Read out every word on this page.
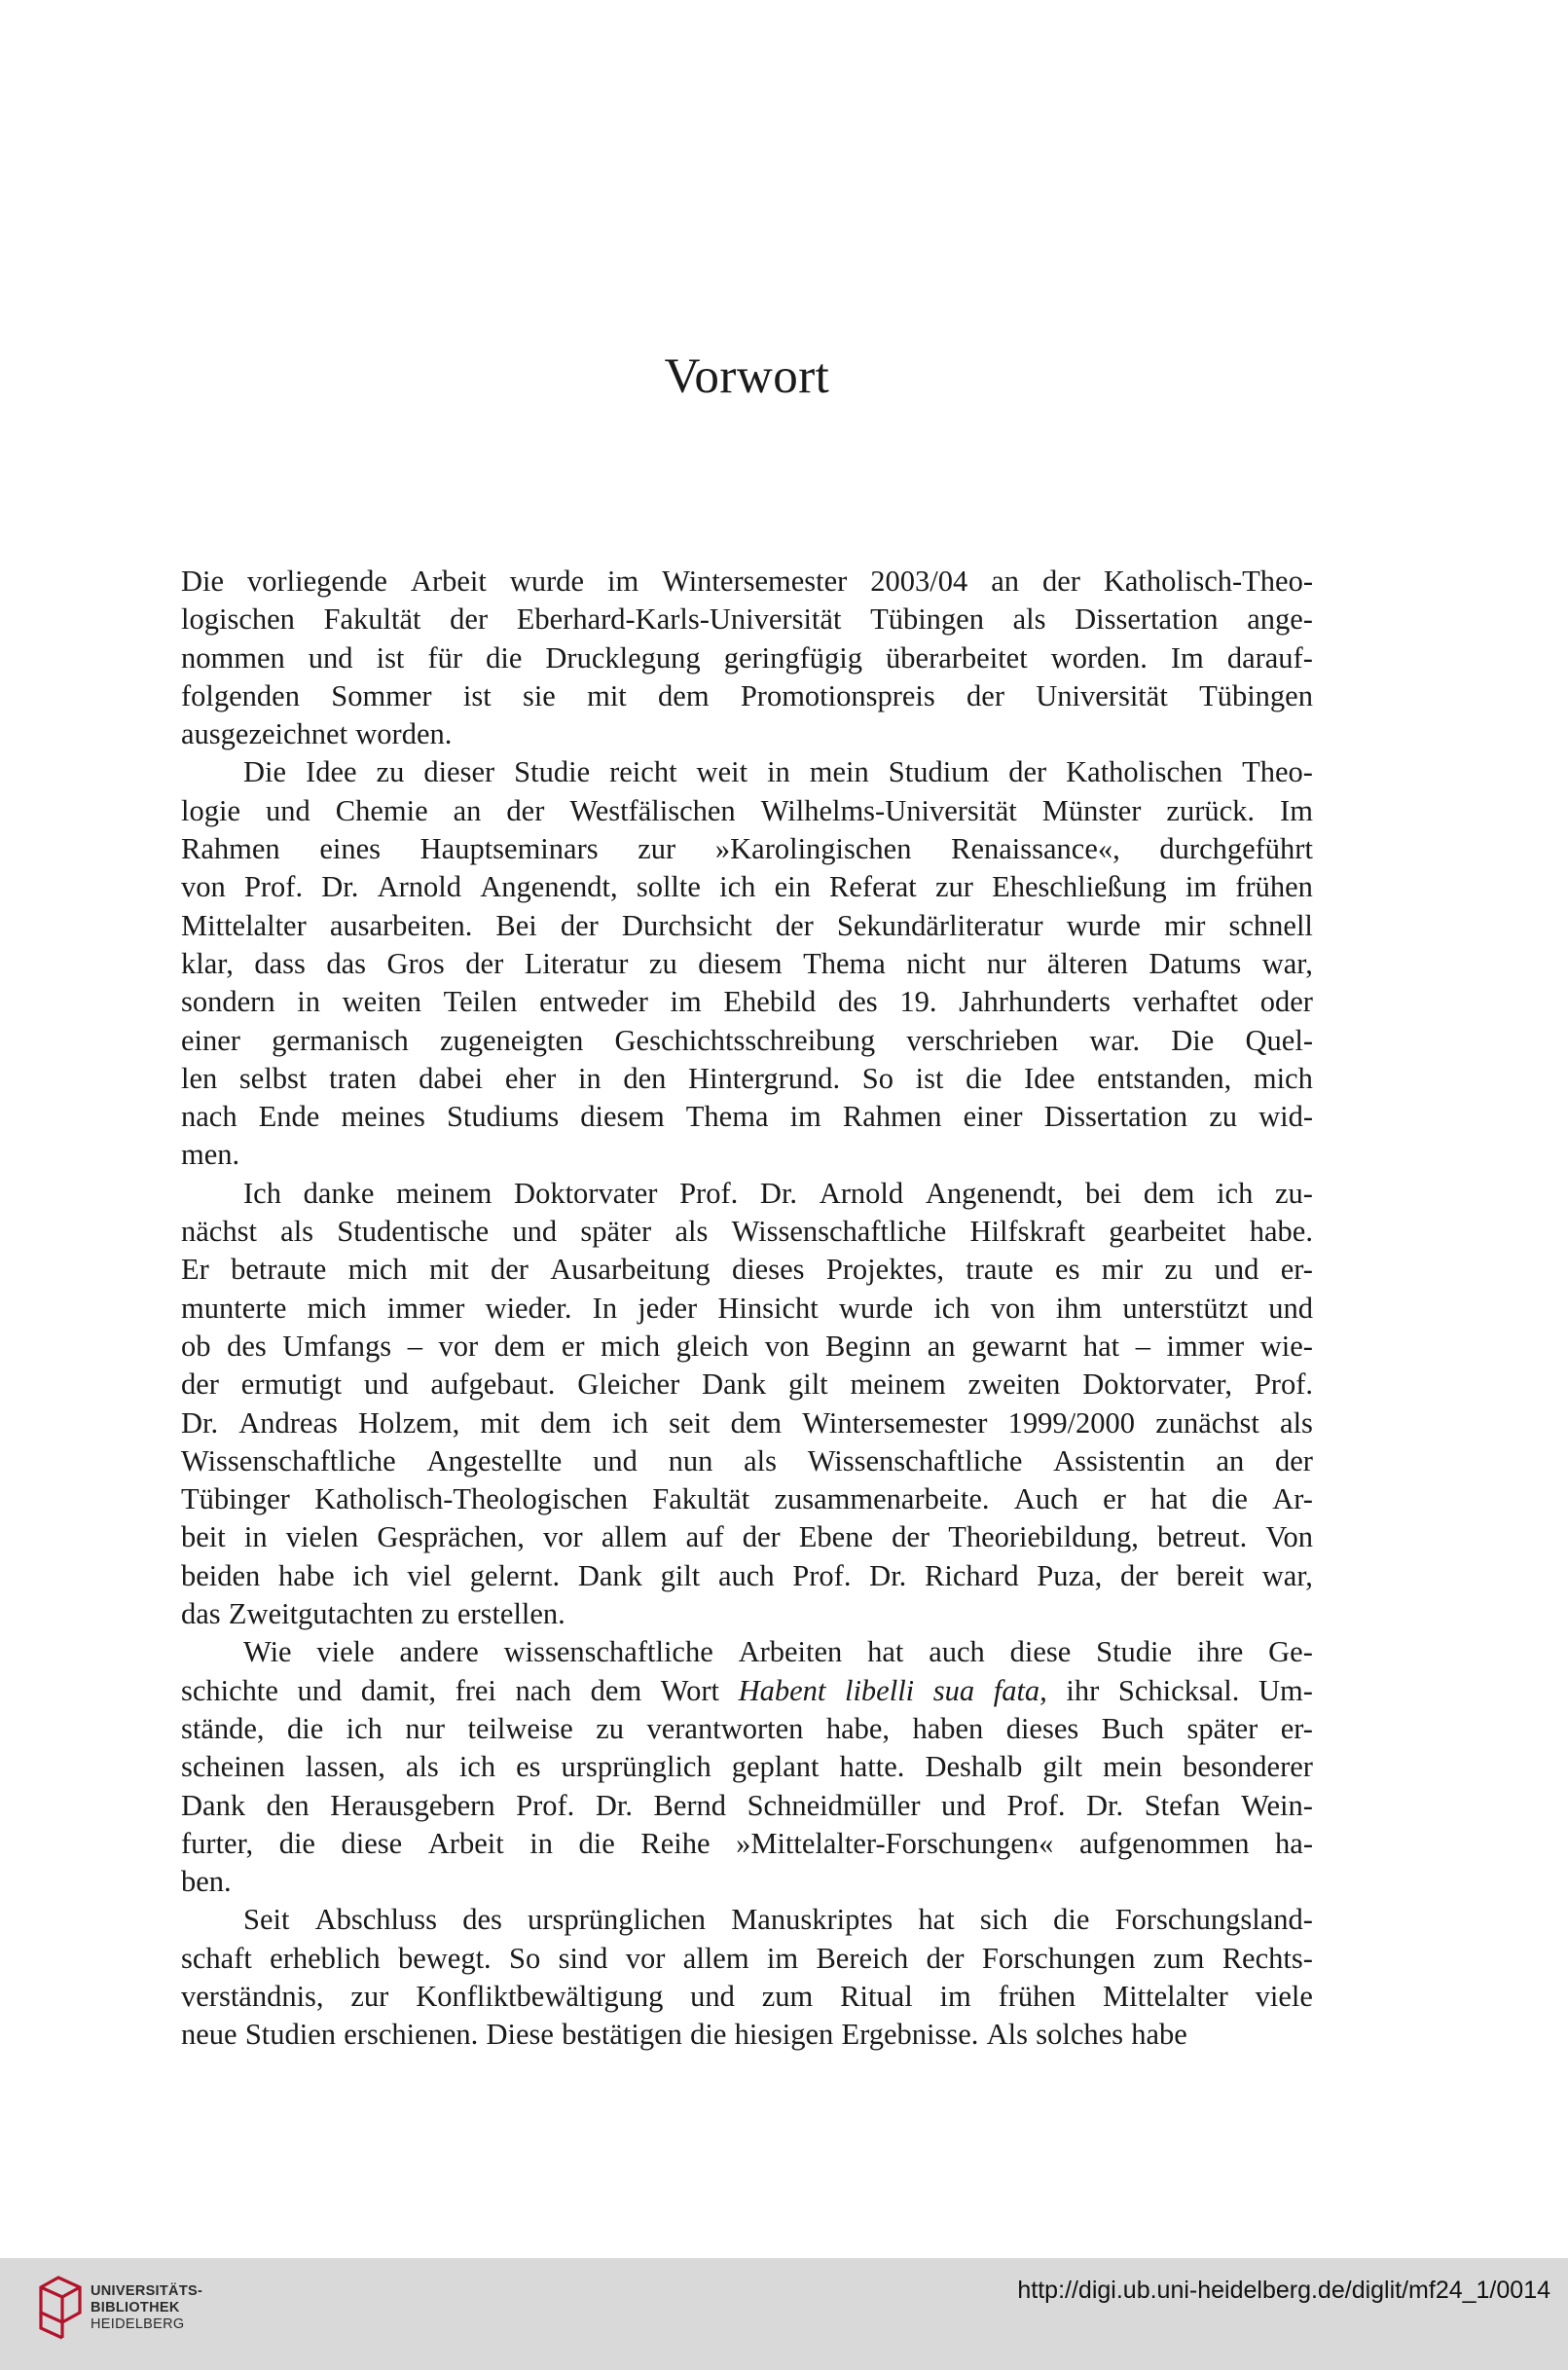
Vorwort
Die vorliegende Arbeit wurde im Wintersemester 2003/04 an der Katholisch-Theo-
logischen Fakultät der Eberhard-Karls-Universität Tübingen als Dissertation ange-
nommen und ist für die Drucklegung geringfügig überarbeitet worden. Im darauf-
folgenden Sommer ist sie mit dem Promotionspreis der Universität Tübingen
ausgezeichnet worden.
Die Idee zu dieser Studie reicht weit in mein Studium der Katholischen Theo-
logie und Chemie an der Westfälischen Wilhelms-Universität Münster zurück. Im
Rahmen eines Hauptseminars zur »Karolingischen Renaissance«, durchgeführt
von Prof. Dr. Arnold Angenendt, sollte ich ein Referat zur Eheschließung im frühen
Mittelalter ausarbeiten. Bei der Durchsicht der Sekundärliteratur wurde mir schnell
klar, dass das Gros der Literatur zu diesem Thema nicht nur älteren Datums war,
sondern in weiten Teilen entweder im Ehebild des 19. Jahrhunderts verhaftet oder
einer germanisch zugeneigten Geschichtsschreibung verschrieben war. Die Quel-
len selbst traten dabei eher in den Hintergrund. So ist die Idee entstanden, mich
nach Ende meines Studiums diesem Thema im Rahmen einer Dissertation zu wid-
men.
Ich danke meinem Doktorvater Prof. Dr. Arnold Angenendt, bei dem ich zu-
nächst als Studentische und später als Wissenschaftliche Hilfskraft gearbeitet habe.
Er betraute mich mit der Ausarbeitung dieses Projektes, traute es mir zu und er-
munterte mich immer wieder. In jeder Hinsicht wurde ich von ihm unterstützt und
ob des Umfangs – vor dem er mich gleich von Beginn an gewarnt hat – immer wie-
der ermutigt und aufgebaut. Gleicher Dank gilt meinem zweiten Doktorvater, Prof.
Dr. Andreas Holzem, mit dem ich seit dem Wintersemester 1999/2000 zunächst als
Wissenschaftliche Angestellte und nun als Wissenschaftliche Assistentin an der
Tübinger Katholisch-Theologischen Fakultät zusammenarbeite. Auch er hat die Ar-
beit in vielen Gesprächen, vor allem auf der Ebene der Theoriebildung, betreut. Von
beiden habe ich viel gelernt. Dank gilt auch Prof. Dr. Richard Puza, der bereit war,
das Zweitgutachten zu erstellen.
Wie viele andere wissenschaftliche Arbeiten hat auch diese Studie ihre Ge-
schichte und damit, frei nach dem Wort Habent libelli sua fata, ihr Schicksal. Um-
stände, die ich nur teilweise zu verantworten habe, haben dieses Buch später er-
scheinen lassen, als ich es ursprünglich geplant hatte. Deshalb gilt mein besonderer
Dank den Herausgebern Prof. Dr. Bernd Schneidmüller und Prof. Dr. Stefan Wein-
furter, die diese Arbeit in die Reihe »Mittelalter-Forschungen« aufgenommen ha-
ben.
Seit Abschluss des ursprünglichen Manuskriptes hat sich die Forschungsland-
schaft erheblich bewegt. So sind vor allem im Bereich der Forschungen zum Rechts-
verständnis, zur Konfliktbewältigung und zum Ritual im frühen Mittelalter viele
neue Studien erschienen. Diese bestätigen die hiesigen Ergebnisse. Als solches habe
UNIVERSITÄTS-
BIBLIOTHEK
HEIDELBERG
http://digi.ub.uni-heidelberg.de/diglit/mf24_1/0014
